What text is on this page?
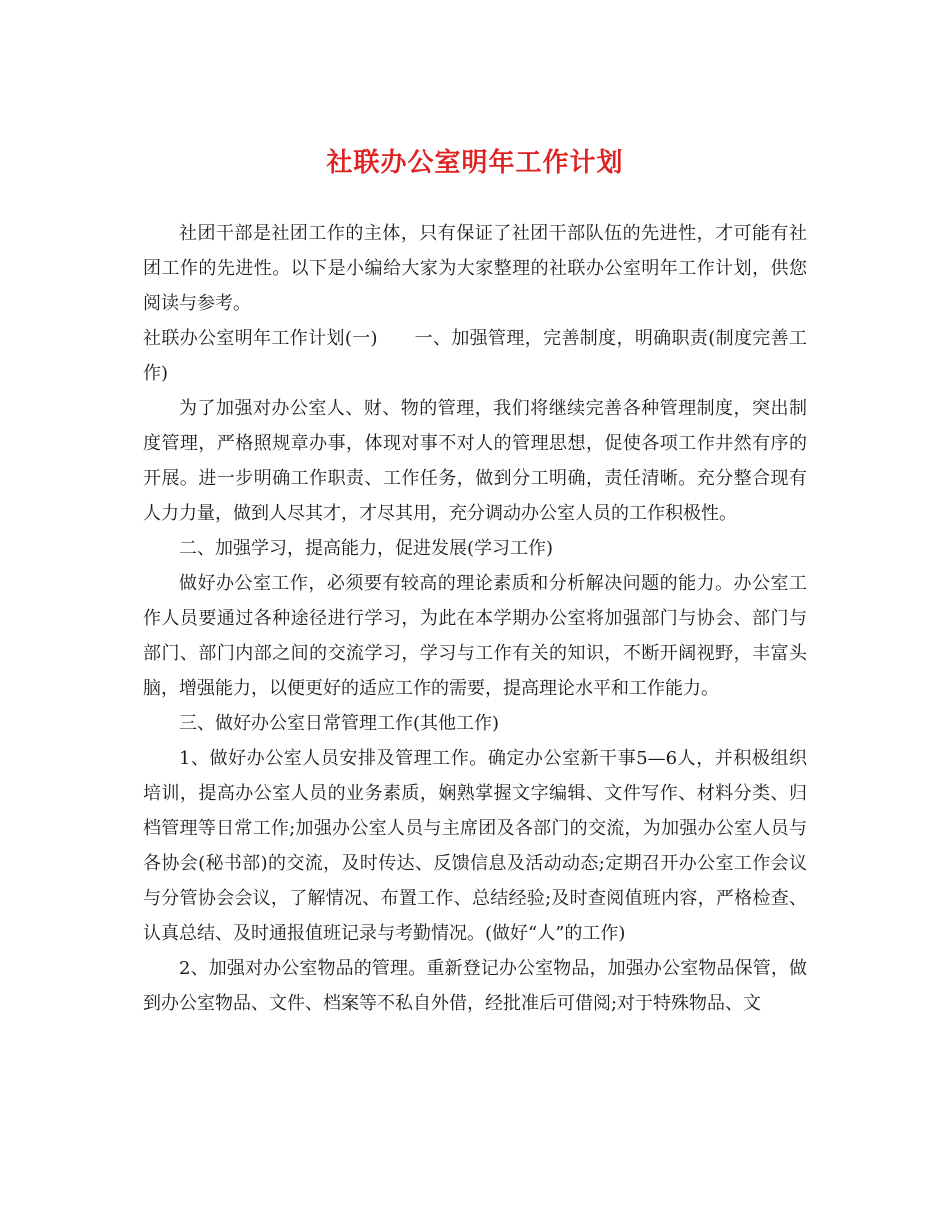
社联办公室明年工作计划

社团干部是社团工作的主体，只有保证了社团干部队伍的先进性，才可能有社团工作的先进性。以下是小编给大家为大家整理的社联办公室明年工作计划，供您阅读与参考。

社联办公室明年工作计划(一)　　一、加强管理，完善制度，明确职责(制度完善工作)

为了加强对办公室人、财、物的管理，我们将继续完善各种管理制度，突出制度管理，严格照规章办事，体现对事不对人的管理思想，促使各项工作井然有序的开展。进一步明确工作职责、工作任务，做到分工明确，责任清晰。充分整合现有人力力量，做到人尽其才，才尽其用，充分调动办公室人员的工作积极性。

二、加强学习，提高能力，促进发展(学习工作)

做好办公室工作，必须要有较高的理论素质和分析解决问题的能力。办公室工作人员要通过各种途径进行学习，为此在本学期办公室将加强部门与协会、部门与部门、部门内部之间的交流学习，学习与工作有关的知识，不断开阔视野，丰富头脑，增强能力，以便更好的适应工作的需要，提高理论水平和工作能力。

三、做好办公室日常管理工作(其他工作)

1、做好办公室人员安排及管理工作。确定办公室新干事5—6人，并积极组织培训，提高办公室人员的业务素质，娴熟掌握文字编辑、文件写作、材料分类、归档管理等日常工作;加强办公室人员与主席团及各部门的交流，为加强办公室人员与各协会(秘书部)的交流，及时传达、反馈信息及活动动态;定期召开办公室工作会议与分管协会会议，了解情况、布置工作、总结经验;及时查阅值班内容，严格检查、认真总结、及时通报值班记录与考勤情况。(做好“人”的工作)

2、加强对办公室物品的管理。重新登记办公室物品，加强办公室物品保管，做到办公室物品、文件、档案等不私自外借，经批准后可借阅;对于特殊物品、文
